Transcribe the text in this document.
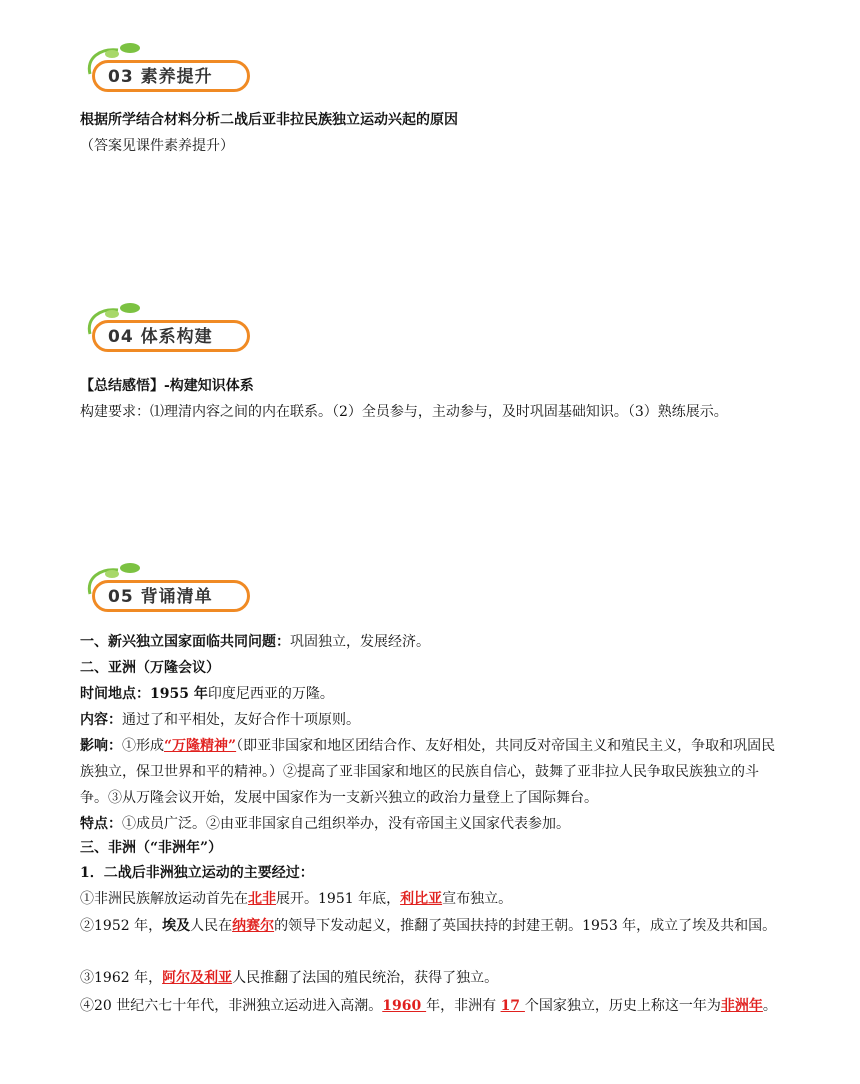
03 素养提升
根据所学结合材料分析二战后亚非拉民族独立运动兴起的原因
（答案见课件素养提升）
04 体系构建
【总结感悟】-构建知识体系
构建要求：⑴理清内容之间的内在联系。（2）全员参与，主动参与，及时巩固基础知识。（3）熟练展示。
05 背诵清单
一、新兴独立国家面临共同问题：巩固独立，发展经济。
二、亚洲（万隆会议）
时间地点：1955 年印度尼西亚的万隆。
内容：通过了和平相处，友好合作十项原则。
影响：①形成“万隆精神”（即亚非国家和地区团结合作、友好相处，共同反对帝国主义和殖民主义，争取和巩固民族独立，保卫世界和平的精神。）②提高了亚非国家和地区的民族自信心，鼓舞了亚非拉人民争取民族独立的斗争。③从万隆会议开始，发展中国家作为一支新兴独立的政治力量登上了国际舞台。
特点：①成员广泛。②由亚非国家自己组织举办，没有帝国主义国家代表参加。
三、非洲（“非洲年”）
1．二战后非洲独立运动的主要经过：
①非洲民族解放运动首先在北非展开。1951 年底，利比亚宣布独立。
②1952 年，埃及人民在纳赛尔的领导下发动起义，推翻了英国扶持的封建王朝。1953 年，成立了埃及共和国。
③1962 年，阿尔及利亚人民推翻了法国的殖民统治，获得了独立。
④20 世纪六七十年代，非洲独立运动进入高潮。1960 年，非洲有 17 个国家独立，历史上称这一年为非洲年。
